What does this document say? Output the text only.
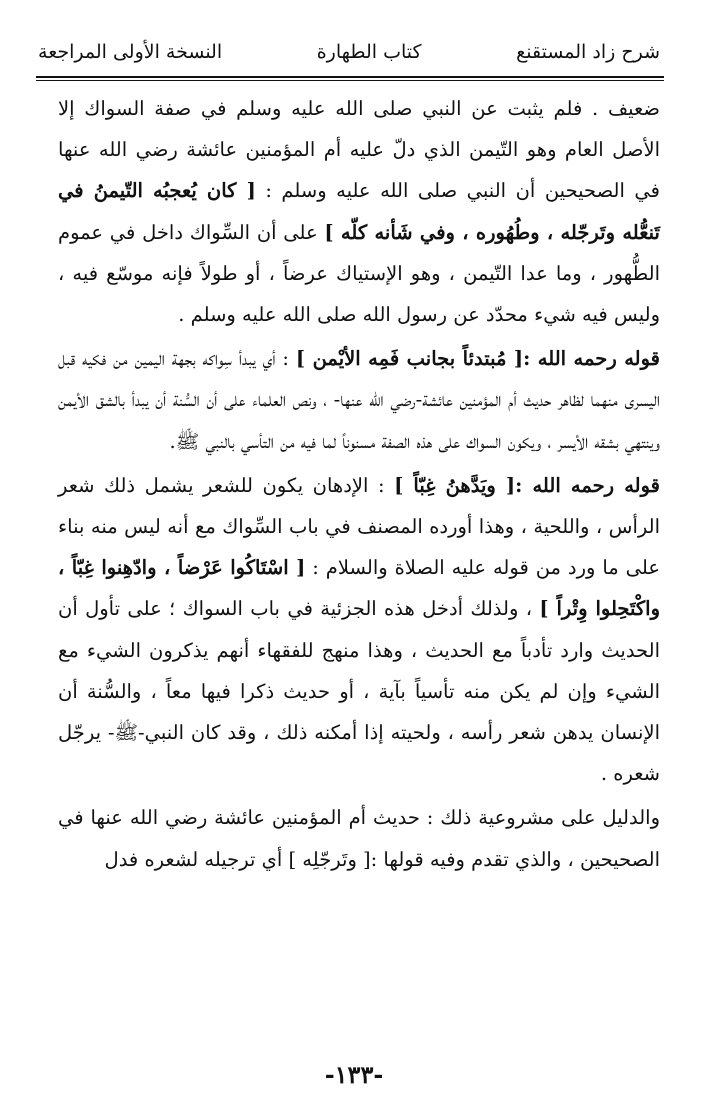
شرح زاد المستقنع
كتاب الطهارة
النسخة الأولى المراجعة

ضعيف . فلم يثبت عن النبي صلى الله عليه وسلم في صفة السواك إلا الأصل العام وهو التّيمن الذي دلّ عليه أم المؤمنين عائشة رضي الله عنها في الصحيحين أن النبي صلى الله عليه وسلم : [ كان يُعجبُه التّيمنُ في تَنعُّله وتَرجّله ، وطُهُوره ، وفي شَأنه كلّه ] على أن السِّواك داخل في عموم الطُّهور ، وما عدا التّيمن ، وهو الإستياك عرضاً ، أو طولاً فإنه موسّع فيه ، وليس فيه شيء محدّد عن رسول الله صلى الله عليه وسلم .

قوله رحمه الله :[ مُبتدئاً بجانب فَمِه الأيْمن ] : أي يبدأ سِواكه بجهة اليمين من فكيه قبل اليسرى منهما لظاهر حديث أم المؤمنين عائشة-رضي الله عنها- ، ونص العلماء على أن السُّنة أن يبدأ بالشق الأيمن وينتهي بشقه الأيسر ، ويكون السواك على هذه الصفة مسنوناً لما فيه من التأسي بالنبي ﷺ.

قوله رحمه الله :[ ويَدَّهنُ غِبّاً ] : الإدهان يكون للشعر يشمل ذلك شعر الرأس ، واللحية ، وهذا أورده المصنف في باب السِّواك مع أنه ليس منه بناء على ما ورد من قوله عليه الصلاة والسلام : [ اسْتَاكُوا عَرْضاً ، وادّهِنوا غِبّاً ، واكْتَحِلوا وِتْراً ] ، ولذلك أدخل هذه الجزئية في باب السواك ؛ على تأول أن الحديث وارد تأدباً مع الحديث ، وهذا منهج للفقهاء أنهم يذكرون الشيء مع الشيء وإن لم يكن منه تأسياً بآية ، أو حديث ذكرا فيها معاً ، والسُّنة أن الإنسان يدهن شعر رأسه ، ولحيته إذا أمكنه ذلك ، وقد كان النبي-ﷺ- يرجّل شعره .

والدليل على مشروعية ذلك : حديث أم المؤمنين عائشة رضي الله عنها في الصحيحين ، والذي تقدم وفيه قولها :[ وتَرجّلِه ] أي ترجيله لشعره فدل

-١٣٣-
